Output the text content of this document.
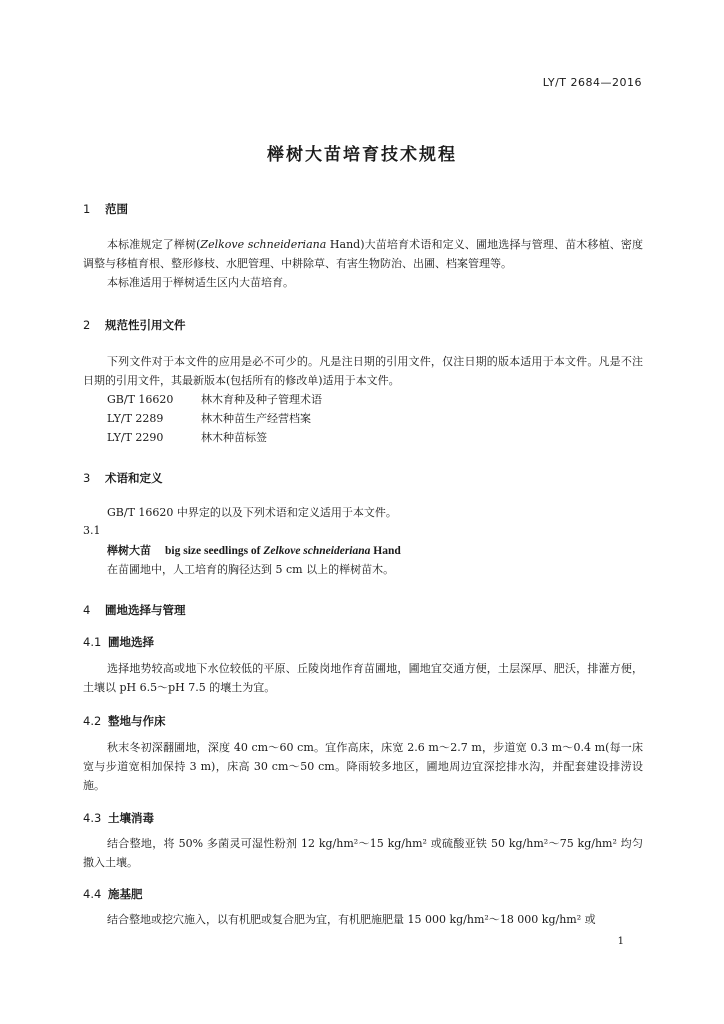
LY/T 2684—2016
榉树大苗培育技术规程
1 范围
本标准规定了榉树(Zelkove schneideriana Hand)大苗培育术语和定义、圃地选择与管理、苗木移植、密度调整与移植育根、整形修枝、水肥管理、中耕除草、有害生物防治、出圃、档案管理等。
本标准适用于榉树适生区内大苗培育。
2 规范性引用文件
下列文件对于本文件的应用是必不可少的。凡是注日期的引用文件，仅注日期的版本适用于本文件。凡是不注日期的引用文件，其最新版本(包括所有的修改单)适用于本文件。
GB/T 16620	林木育种及种子管理术语
LY/T 2289	林木种苗生产经营档案
LY/T 2290	林木种苗标签
3 术语和定义
GB/T 16620 中界定的以及下列术语和定义适用于本文件。
3.1
榉树大苗 big size seedlings of Zelkove schneideriana Hand
在苗圃地中，人工培育的胸径达到 5 cm 以上的榉树苗木。
4 圃地选择与管理
4.1 圃地选择
选择地势较高或地下水位较低的平原、丘陵岗地作育苗圃地，圃地宜交通方便，土层深厚、肥沃，排灌方便，土壤以 pH 6.5～pH 7.5 的壤土为宜。
4.2 整地与作床
秋末冬初深翻圃地，深度 40 cm～60 cm。宜作高床，床宽 2.6 m～2.7 m，步道宽 0.3 m～0.4 m(每一床宽与步道宽相加保持 3 m)，床高 30 cm～50 cm。降雨较多地区，圃地周边宜深挖排水沟，并配套建设排涝设施。
4.3 土壤消毒
结合整地，将 50% 多菌灵可湿性粉剂 12 kg/hm²～15 kg/hm² 或硫酸亚铁 50 kg/hm²～75 kg/hm² 均匀撒入土壤。
4.4 施基肥
结合整地或挖穴施入，以有机肥或复合肥为宜，有机肥施肥量 15 000 kg/hm²～18 000 kg/hm² 或
1
